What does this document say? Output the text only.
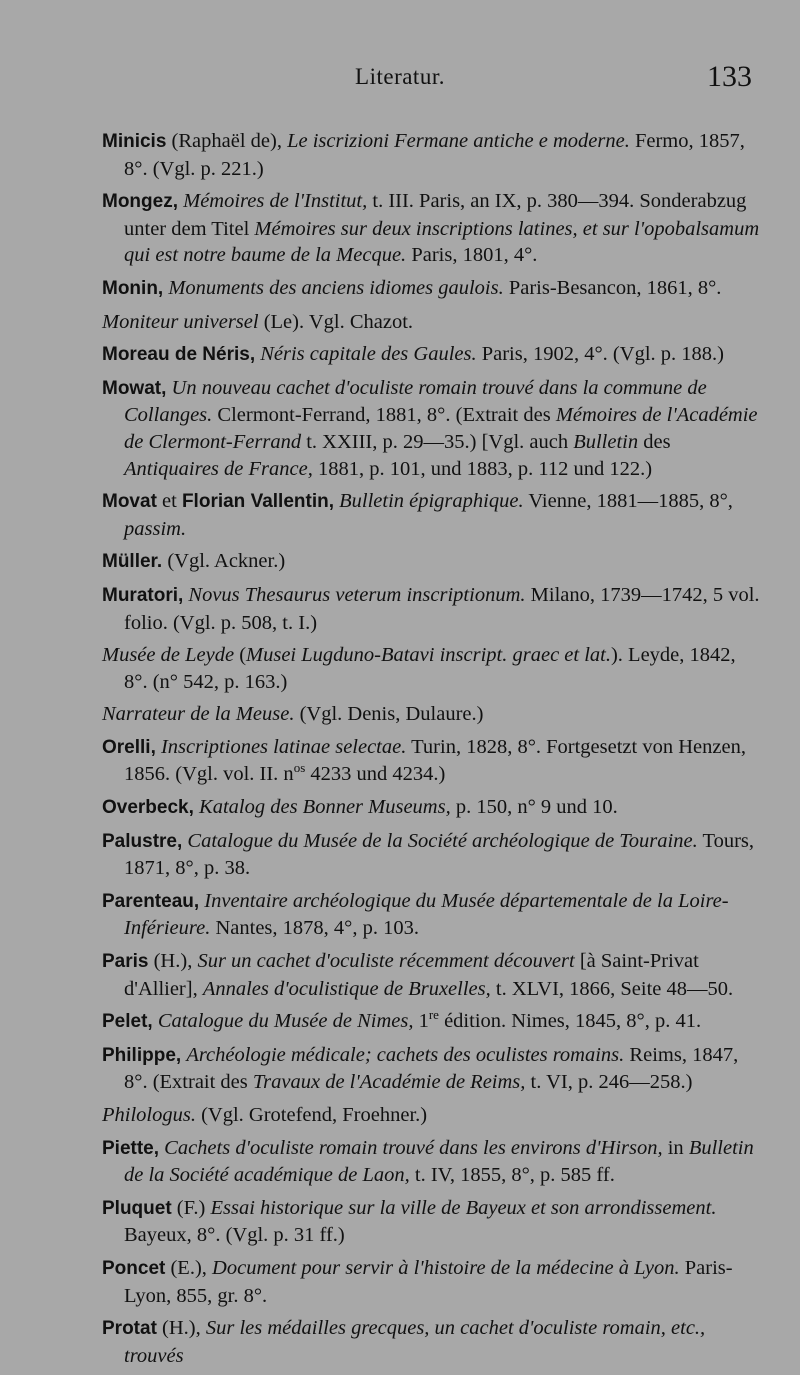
Literatur.	133

Minicis (Raphaël de), Le iscrizioni Fermane antiche e moderne. Fermo, 1857, 8°. (Vgl. p. 221.)

Mongez, Mémoires de l'Institut, t. III. Paris, an IX, p. 380—394. Sonderabzug unter dem Titel Mémoires sur deux inscriptions latines, et sur l'opobalsamum qui est notre baume de la Mecque. Paris, 1801, 4°.

Monin, Monuments des anciens idiomes gaulois. Paris-Besancon, 1861, 8°.

Moniteur universel (Le). Vgl. Chazot.

Moreau de Néris, Néris capitale des Gaules. Paris, 1902, 4°. (Vgl. p. 188.)

Mowat, Un nouveau cachet d'oculiste romain trouvé dans la commune de Collanges. Clermont-Ferrand, 1881, 8°. (Extrait des Mémoires de l'Académie de Clermont-Ferrand t. XXIII, p. 29—35.) [Vgl. auch Bulletin des Antiquaires de France, 1881, p. 101, und 1883, p. 112 und 122.)

Movat et Florian Vallentin, Bulletin épigraphique. Vienne, 1881—1885, 8°, passim.

Müller. (Vgl. Ackner.)

Muratori, Novus Thesaurus veterum inscriptionum. Milano, 1739—1742, 5 vol. folio. (Vgl. p. 508, t. I.)

Musée de Leyde (Musei Lugduno-Batavi inscript. graec et lat.). Leyde, 1842, 8°. (n° 542, p. 163.)

Narrateur de la Meuse. (Vgl. Denis, Dulaure.)

Orelli, Inscriptiones latinae selectae. Turin, 1828, 8°. Fortgesetzt von Henzen, 1856. (Vgl. vol. II. $n^{os}$ 4233 und 4234.)

Overbeck, Katalog des Bonner Museums, p. 150, n° 9 und 10.

Palustre, Catalogue du Musée de la Société archéologique de Touraine. Tours, 1871, 8°, p. 38.

Parenteau, Inventaire archéologique du Musée départementale de la Loire-Inférieure. Nantes, 1878, 4°, p. 103.

Paris (H.), Sur un cachet d'oculiste récemment découvert [à Saint-Privat d'Allier], Annales d'oculistique de Bruxelles, t. XLVI, 1866, Seite 48—50.

Pelet, Catalogue du Musée de Nimes, 1re édition. Nimes, 1845, 8°, p. 41.

Philippe, Archéologie médicale; cachets des oculistes romains. Reims, 1847, 8°. (Extrait des Travaux de l'Académie de Reims, t. VI, p. 246—258.)

Philologus. (Vgl. Grotefend, Froehner.)

Piette, Cachets d'oculiste romain trouvé dans les environs d'Hirson, in Bulletin de la Société académique de Laon, t. IV, 1855, 8°, p. 585 ff.

Pluquet (F.) Essai historique sur la ville de Bayeux et son arrondissement. Bayeux, 8°. (Vgl. p. 31 ff.)

Poncet (E.), Document pour servir à l'histoire de la médecine à Lyon. Paris-Lyon, 855, gr. 8°.

Protat (H.), Sur les médailles grecques, un cachet d'oculiste romain, etc., trouvés
